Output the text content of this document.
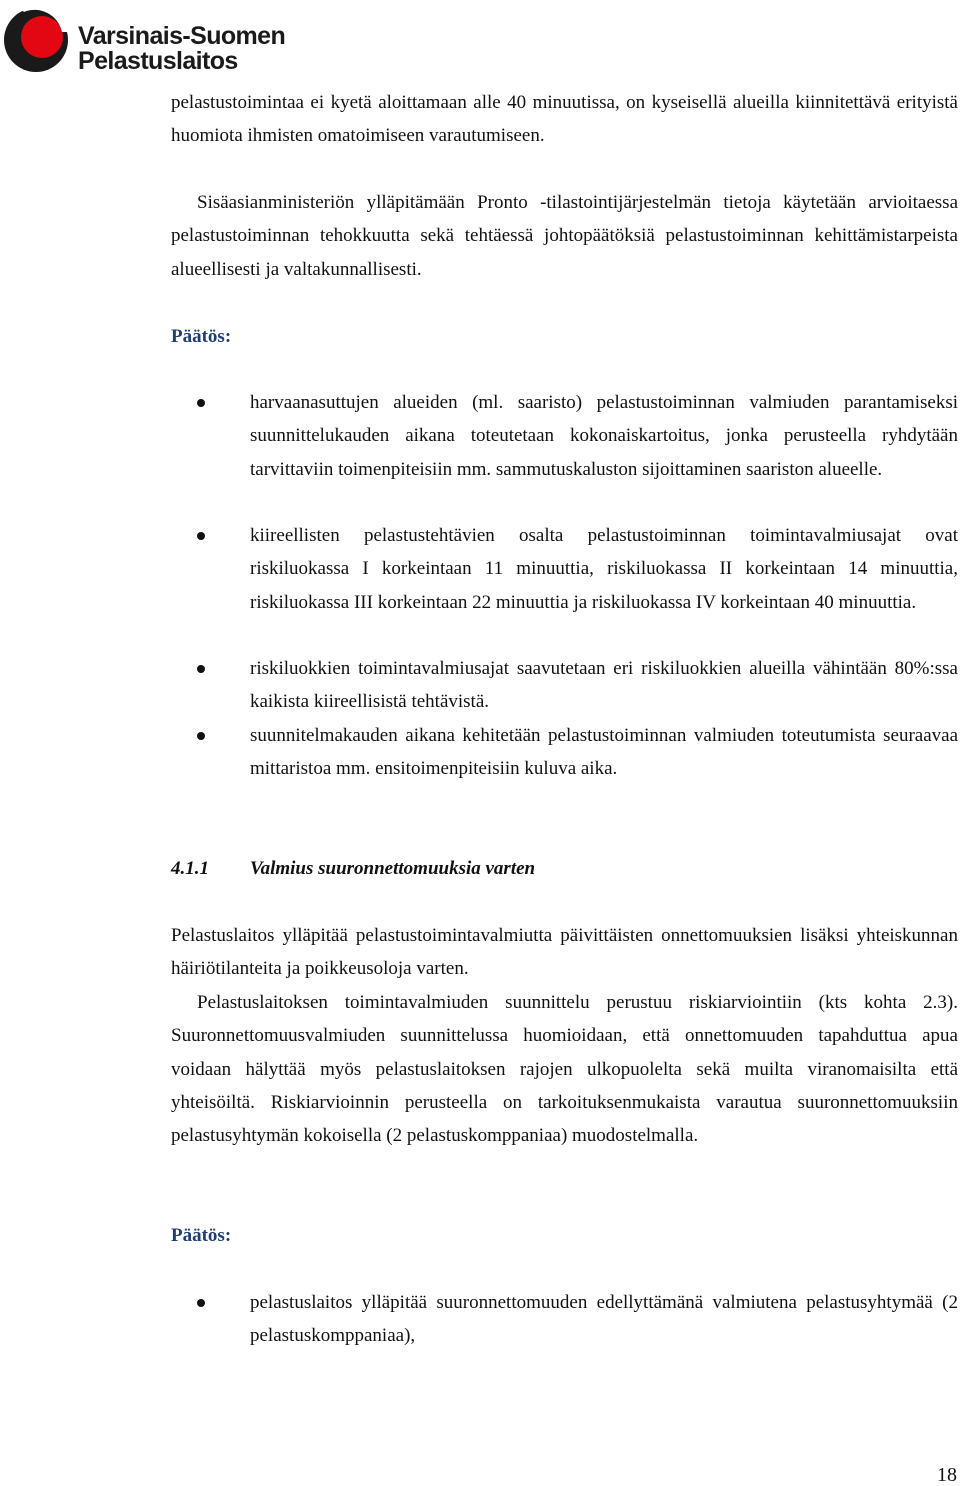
Varsinais-Suomen
Pelastuslaitos
pelastustoimintaa ei kyetä aloittamaan alle 40 minuutissa, on kyseisellä alueilla kiinnitettävä erityistä huomiota ihmisten omatoimiseen varautumiseen.
Sisäasianministeriön ylläpitämään Pronto -tilastointijärjestelmän tietoja käytetään arvioitaessa pelastustoiminnan tehokkuutta sekä tehtäessä johtopäätöksiä pelastustoiminnan kehittämistarpeista alueellisesti ja valtakunnallisesti.
Päätös:
harvaanasuttujen alueiden (ml. saaristo) pelastustoiminnan valmiuden parantamiseksi suunnittelukauden aikana toteutetaan kokonaiskartoitus, jonka perusteella ryhdytään tarvittaviin toimenpiteisiin mm. sammutuskaluston sijoittaminen saariston alueelle.
kiireellisten pelastustehtävien osalta pelastustoiminnan toimintavalmiusajat ovat riskiluokassa I korkeintaan 11 minuuttia, riskiluokassa II korkeintaan 14 minuuttia, riskiluokassa III korkeintaan 22 minuuttia ja riskiluokassa IV korkeintaan 40 minuuttia.
riskiluokkien toimintavalmiusajat saavutetaan eri riskiluokkien alueilla vähintään 80%:ssa kaikista kiireellisistä tehtävistä.
suunnitelmakauden aikana kehitetään pelastustoiminnan valmiuden toteutumista seuraavaa mittaristoa mm. ensitoimenpiteisiin kuluva aika.
4.1.1 Valmius suuronnettomuuksia varten
Pelastuslaitos ylläpitää pelastustoimintavalmiutta päivittäisten onnettomuuksien lisäksi yhteiskunnan häiriötilanteita ja poikkeusoloja varten.
Pelastuslaitoksen toimintavalmiuden suunnittelu perustuu riskiarviointiin (kts kohta 2.3). Suuronnettomuusvalmiuden suunnittelussa huomioidaan, että onnettomuuden tapahduttua apua voidaan hälyttää myös pelastuslaitoksen rajojen ulkopuolelta sekä muilta viranomaisilta että yhteisöiltä. Riskiarvioinnin perusteella on tarkoituksenmukaista varautua suuronnettomuuksiin pelastusyhtymän kokoisella (2 pelastuskomppaniaa) muodostelmalla.
Päätös:
pelastuslaitos ylläpitää suuronnettomuuden edellyttämänä valmiutena pelastusyhtymää (2 pelastuskomppaniaa),
18
